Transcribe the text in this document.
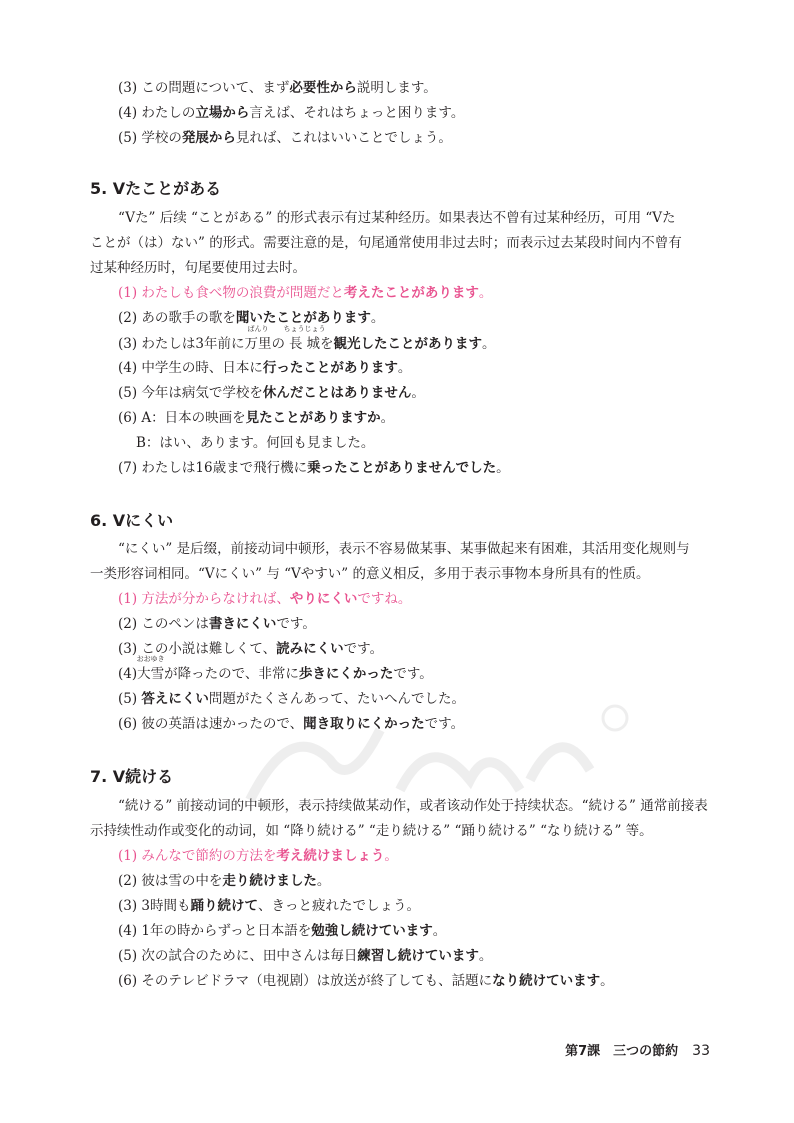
(3) この問題について、まず必要性から説明します。
(4) わたしの立場から言えば、それはちょっと困ります。
(5) 学校の発展から見れば、これはいいことでしょう。
5. Vたことがある
“Vた” 后续 “ことがある” 的形式表示有过某种经历。如果表达不曾有过某种经历，可用 “Vた
ことが（は）ない” 的形式。需要注意的是，句尾通常使用非过去时；而表示过去某段时间内不曾有
过某种经历时，句尾要使用过去时。
(1) わたしも食べ物の浪費が問題だと考えたことがあります。
(2) あの歌手の歌を聞いたことがあります。
(3) わたしは3年前に
ばんり
万里の
ちょうじょう
長 城を観光したことがあります。
(4) 中学生の時、日本に行ったことがあります。
(5) 今年は病気で学校を休んだことはありません。
(6) A：日本の映画を見たことがありますか。
B：はい、あります。何回も見ました。
(7) わたしは16歳まで飛行機に乗ったことがありませんでした。
6. Vにくい
“にくい” 是后缀，前接动词中顿形，表示不容易做某事、某事做起来有困难，其活用变化规则与
一类形容词相同。“Vにくい” 与 “Vやすい” 的意义相反，多用于表示事物本身所具有的性质。
(1) 方法が分からなければ、やりにくいですね。
(2) このペンは書きにくいです。
(3) この小説は難しくて、読みにくいです。
(4)
おおゆき
大雪が降ったので、非常に歩きにくかったです。
(5) 答えにくい問題がたくさんあって、たいへんでした。
(6) 彼の英語は速かったので、聞き取りにくかったです。
7. V続ける
“続ける” 前接动词的中顿形，表示持续做某动作，或者该动作处于持续状态。“続ける” 通常前接表
示持续性动作或变化的动词，如 “降り続ける” “走り続ける” “踊り続ける” “なり続ける” 等。
(1) みんなで節約の方法を考え続けましょう。
(2) 彼は雪の中を走り続けました。
(3) 3時間も踊り続けて、きっと疲れたでしょう。
(4) 1年の時からずっと日本語を勉強し続けています。
(5) 次の試合のために、田中さんは毎日練習し続けています。
(6) そのテレビドラマ（电视剧）は放送が終了しても、話題になり続けています。
第7課　三つの節約 33
